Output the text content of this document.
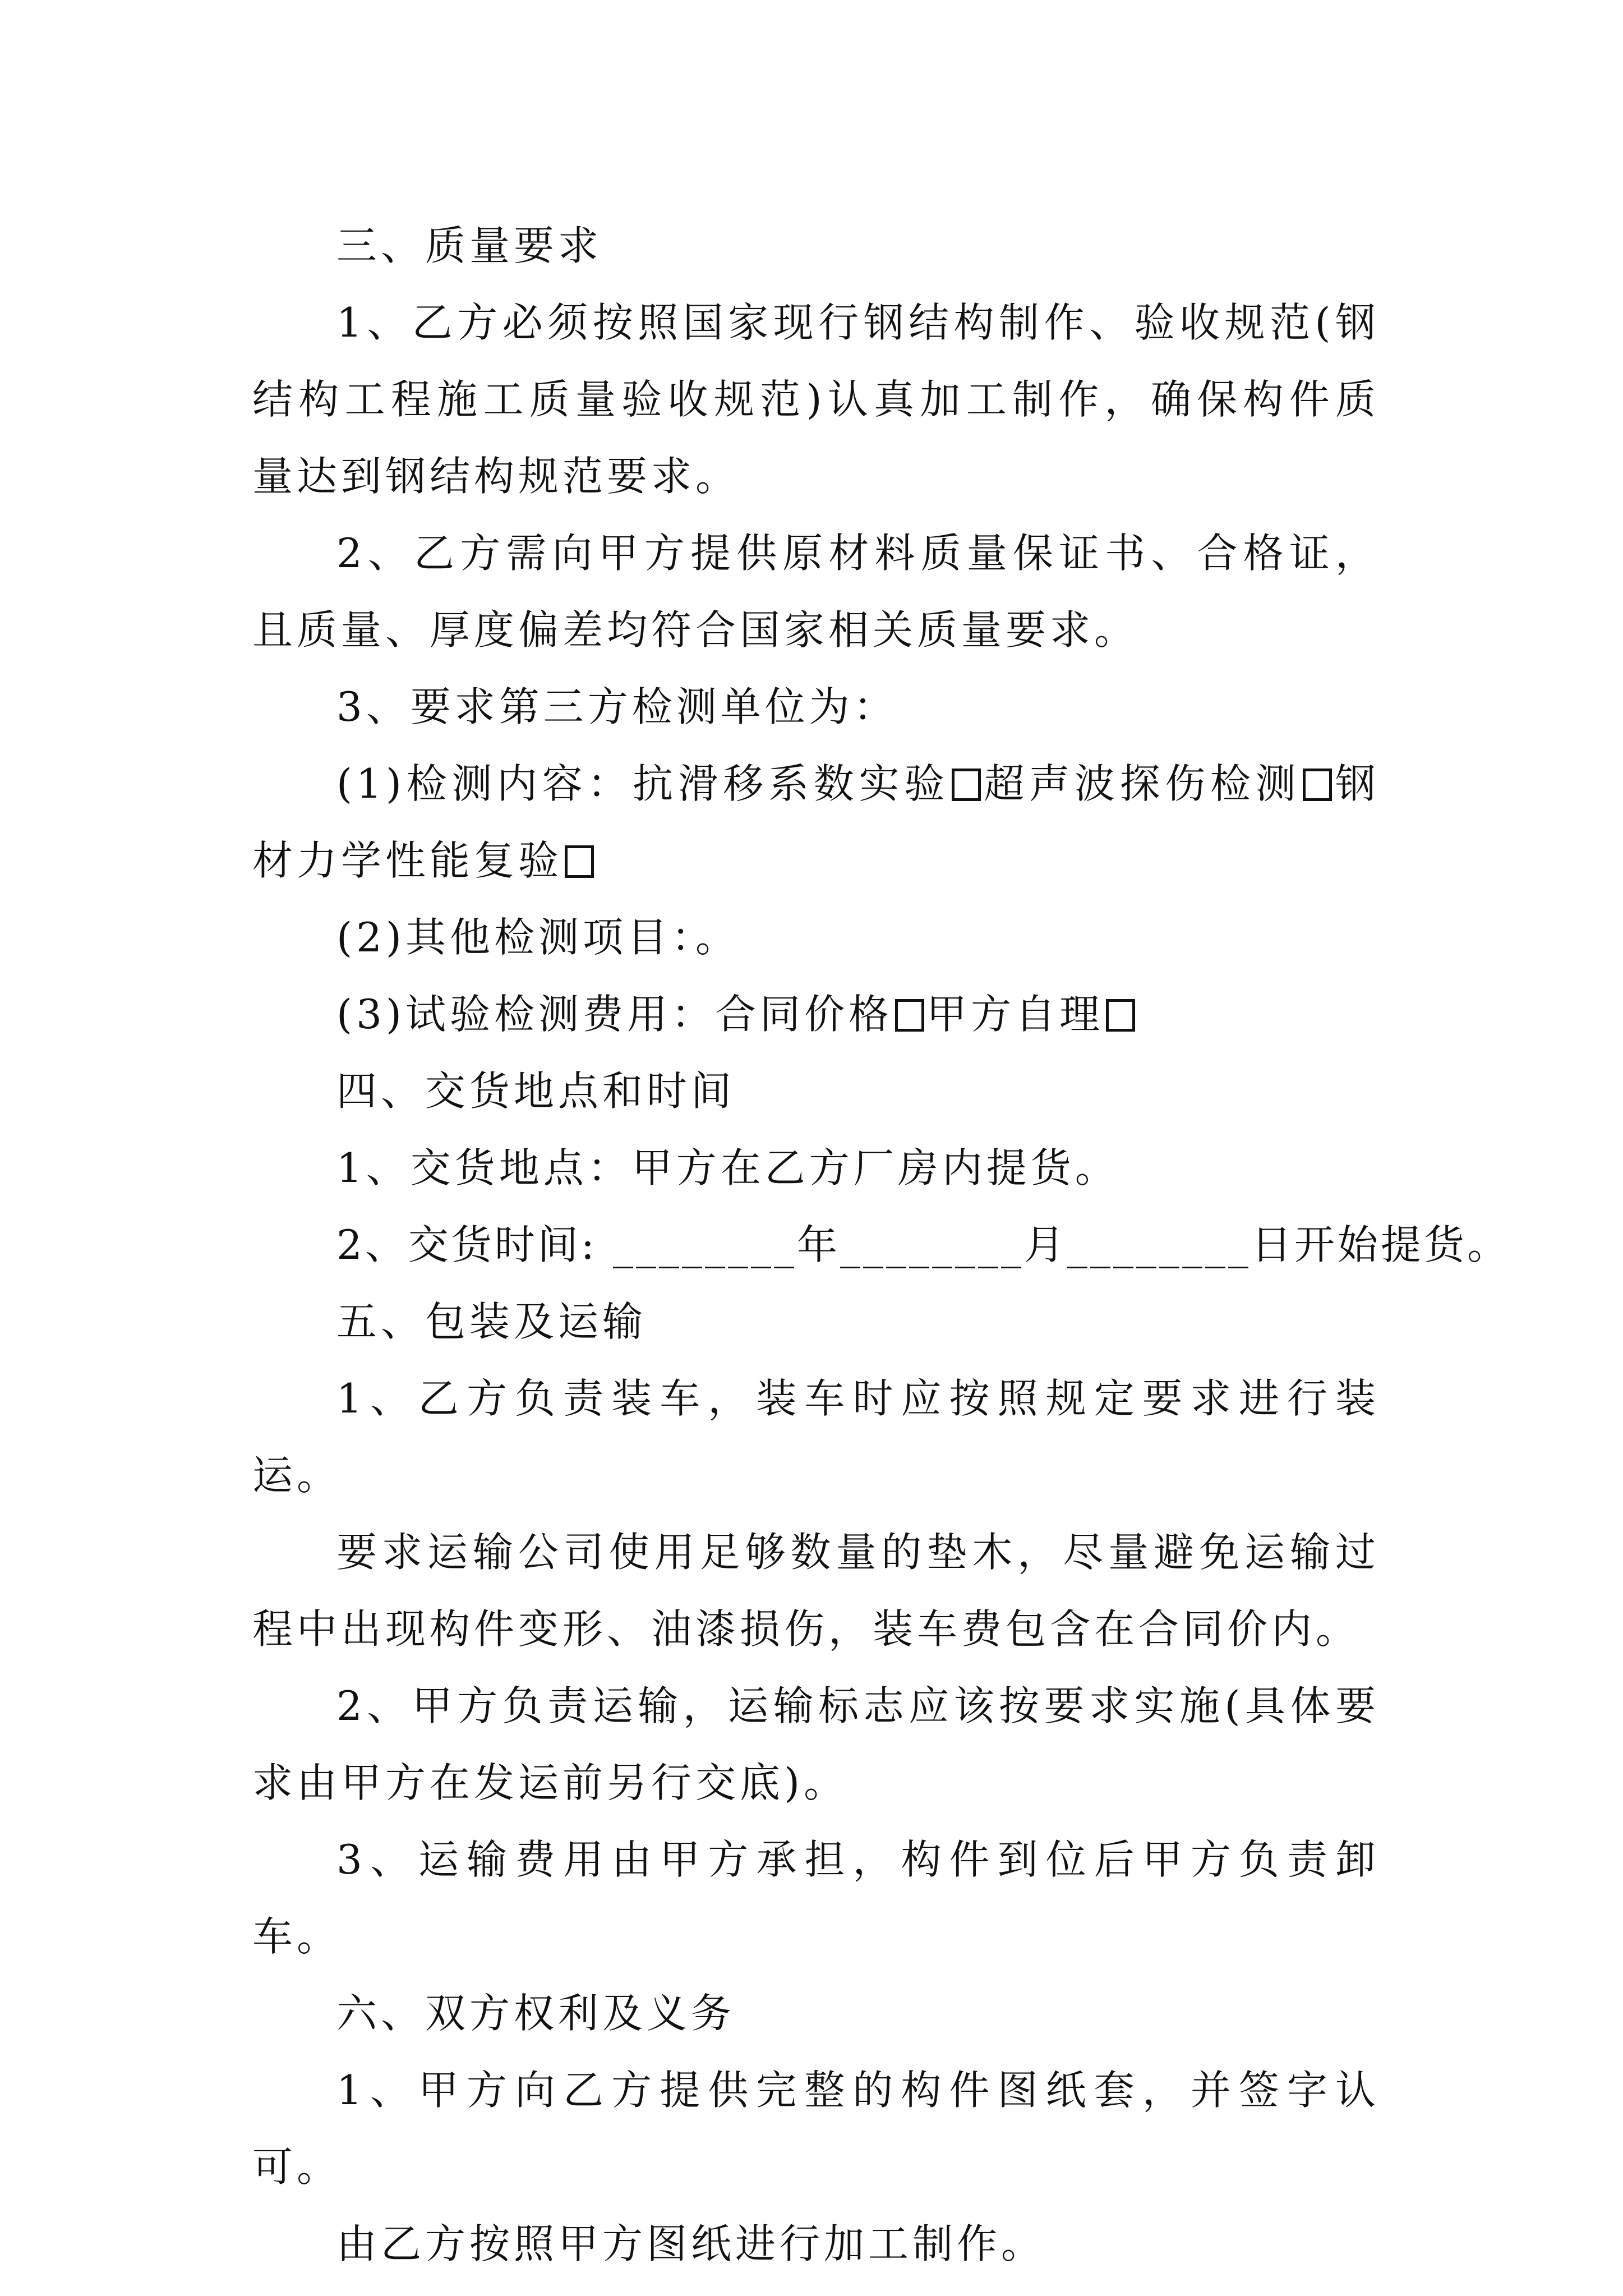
三、质量要求

1、乙方必须按照国家现行钢结构制作、验收规范(钢结构工程施工质量验收规范)认真加工制作，确保构件质量达到钢结构规范要求。

2、乙方需向甲方提供原材料质量保证书、合格证，且质量、厚度偏差均符合国家相关质量要求。

3、要求第三方检测单位为：

(1)检测内容：抗滑移系数实验 超声波探伤检测 钢材力学性能复验

(2)其他检测项目：。

(3)试验检测费用：合同价格 甲方自理

四、交货地点和时间

1、交货地点：甲方在乙方厂房内提货。

2、交货时间: ________年________月________日开始提货。

五、包装及运输

1、乙方负责装车，装车时应按照规定要求进行装运。

要求运输公司使用足够数量的垫木，尽量避免运输过程中出现构件变形、油漆损伤，装车费包含在合同价内。

2、甲方负责运输，运输标志应该按要求实施(具体要求由甲方在发运前另行交底)。

3、运输费用由甲方承担，构件到位后甲方负责卸车。

六、双方权利及义务

1、甲方向乙方提供完整的构件图纸套，并签字认可。

由乙方按照甲方图纸进行加工制作。
